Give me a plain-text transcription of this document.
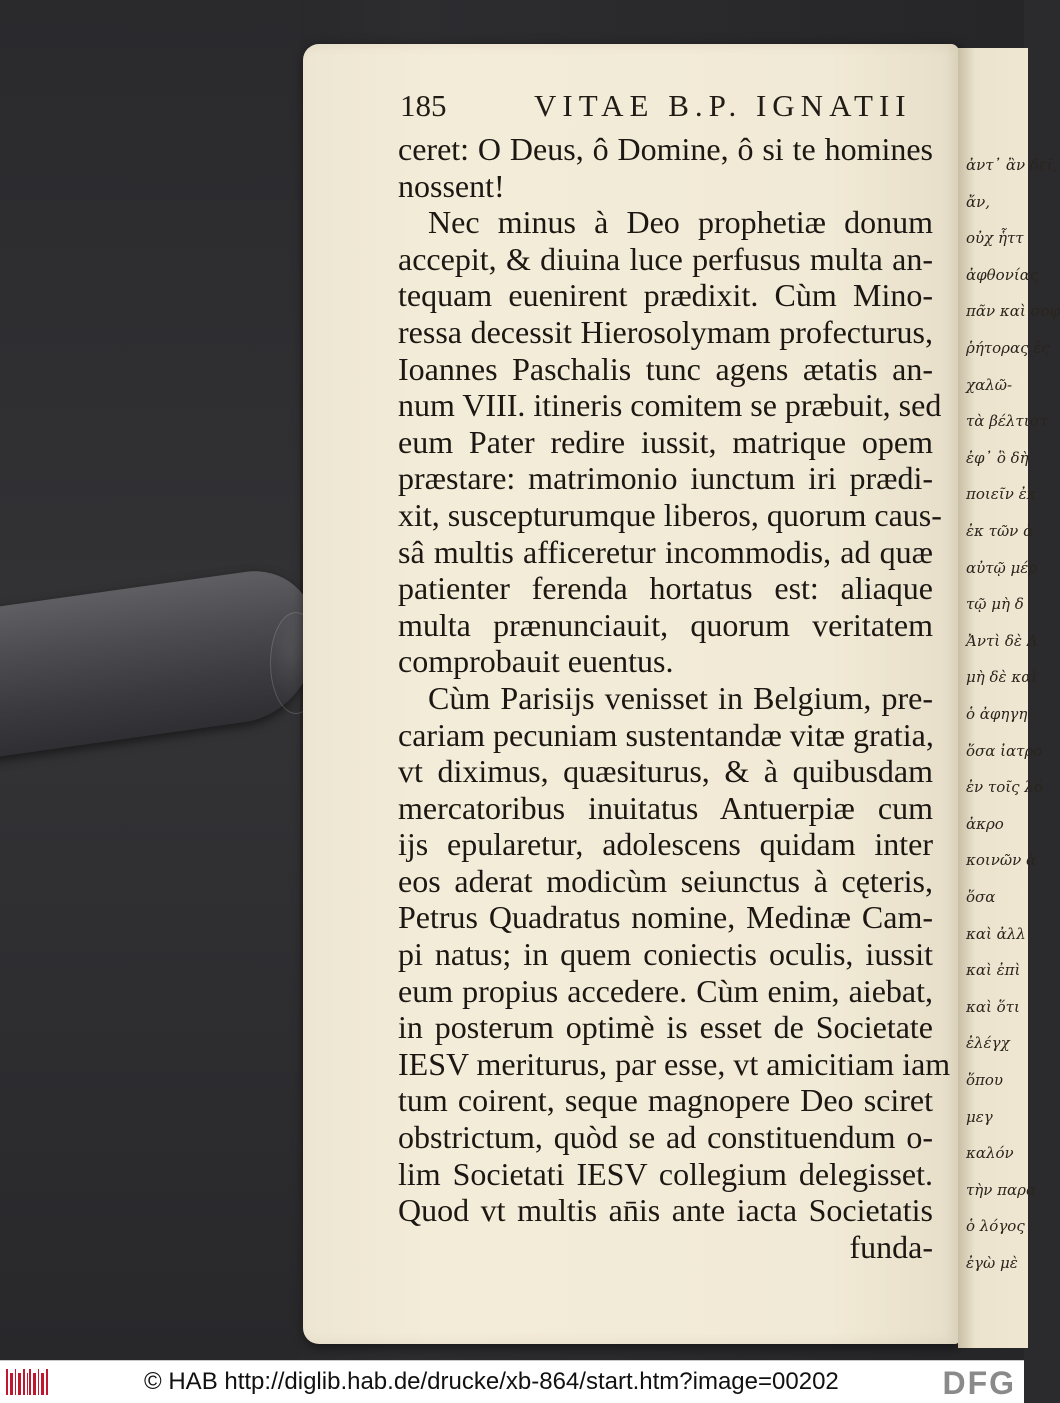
ἀντ᾽ ἂν δεῖ,
ἄν,
οὐχ ἧττ
ἀφθονίας
πᾶν καὶ σοφ
ῥήτορας ἐς
χαλῶ-
τὰ βέλτιστ
ἐφ᾽ ὃ δὴ
ποιεῖν ἐκ
ἐκ τῶν ἀ
αὐτῷ μέρ
τῷ μὴ δ
Ἀντὶ δὲ Δ
μὴ δὲ καὶ
ὁ ἀφηγη
ὅσα ἰατρο
ἐν τοῖς λό
ἀκρο
κοινῶν ἀ
ὅσα
καὶ ἀλλ
καὶ ἐπὶ
καὶ ὅτι
ἐλέγχ
ὅπου
μεγ
καλόν
τὴν παρα
ὁ λόγος
ἐγὼ μὲ
185	VITAE B.P. IGNATII
ceret: O Deus, ô Domine, ô si te homines
nossent!
Nec minus à Deo prophetiæ donum
accepit, & diuina luce perfusus multa an-
tequam euenirent prædixit. Cùm Mino-
ressa decessit Hierosolymam profecturus,
Ioannes Paschalis tunc agens ætatis an-
num VIII. itineris comitem se præbuit, sed
eum Pater redire iussit, matrique opem
præstare: matrimonio iunctum iri prædi-
xit, suscepturumque liberos, quorum caus-
sâ multis afficeretur incommodis, ad quæ
patienter ferenda hortatus est: aliaque
multa prænunciauit, quorum veritatem
comprobauit euentus.
Cùm Parisijs venisset in Belgium, pre-
cariam pecuniam sustentandæ vitæ gratia,
vt diximus, quæsiturus, & à quibusdam
mercatoribus inuitatus Antuerpiæ cum
ijs epularetur, adolescens quidam inter
eos aderat modicùm seiunctus à cęteris,
Petrus Quadratus nomine, Medinæ Cam-
pi natus; in quem coniectis oculis, iussit
eum propius accedere. Cùm enim, aiebat,
in posterum optimè is esset de Societate
IESV meriturus, par esse, vt amicitiam iam
tum coirent, seque magnopere Deo sciret
obstrictum, quòd se ad constituendum o-
lim Societati IESV collegium delegisset.
Quod vt multis an̄is ante iacta Societatis
funda-
© HAB http://diglib.hab.de/drucke/xb-864/start.htm?image=00202	DFG
